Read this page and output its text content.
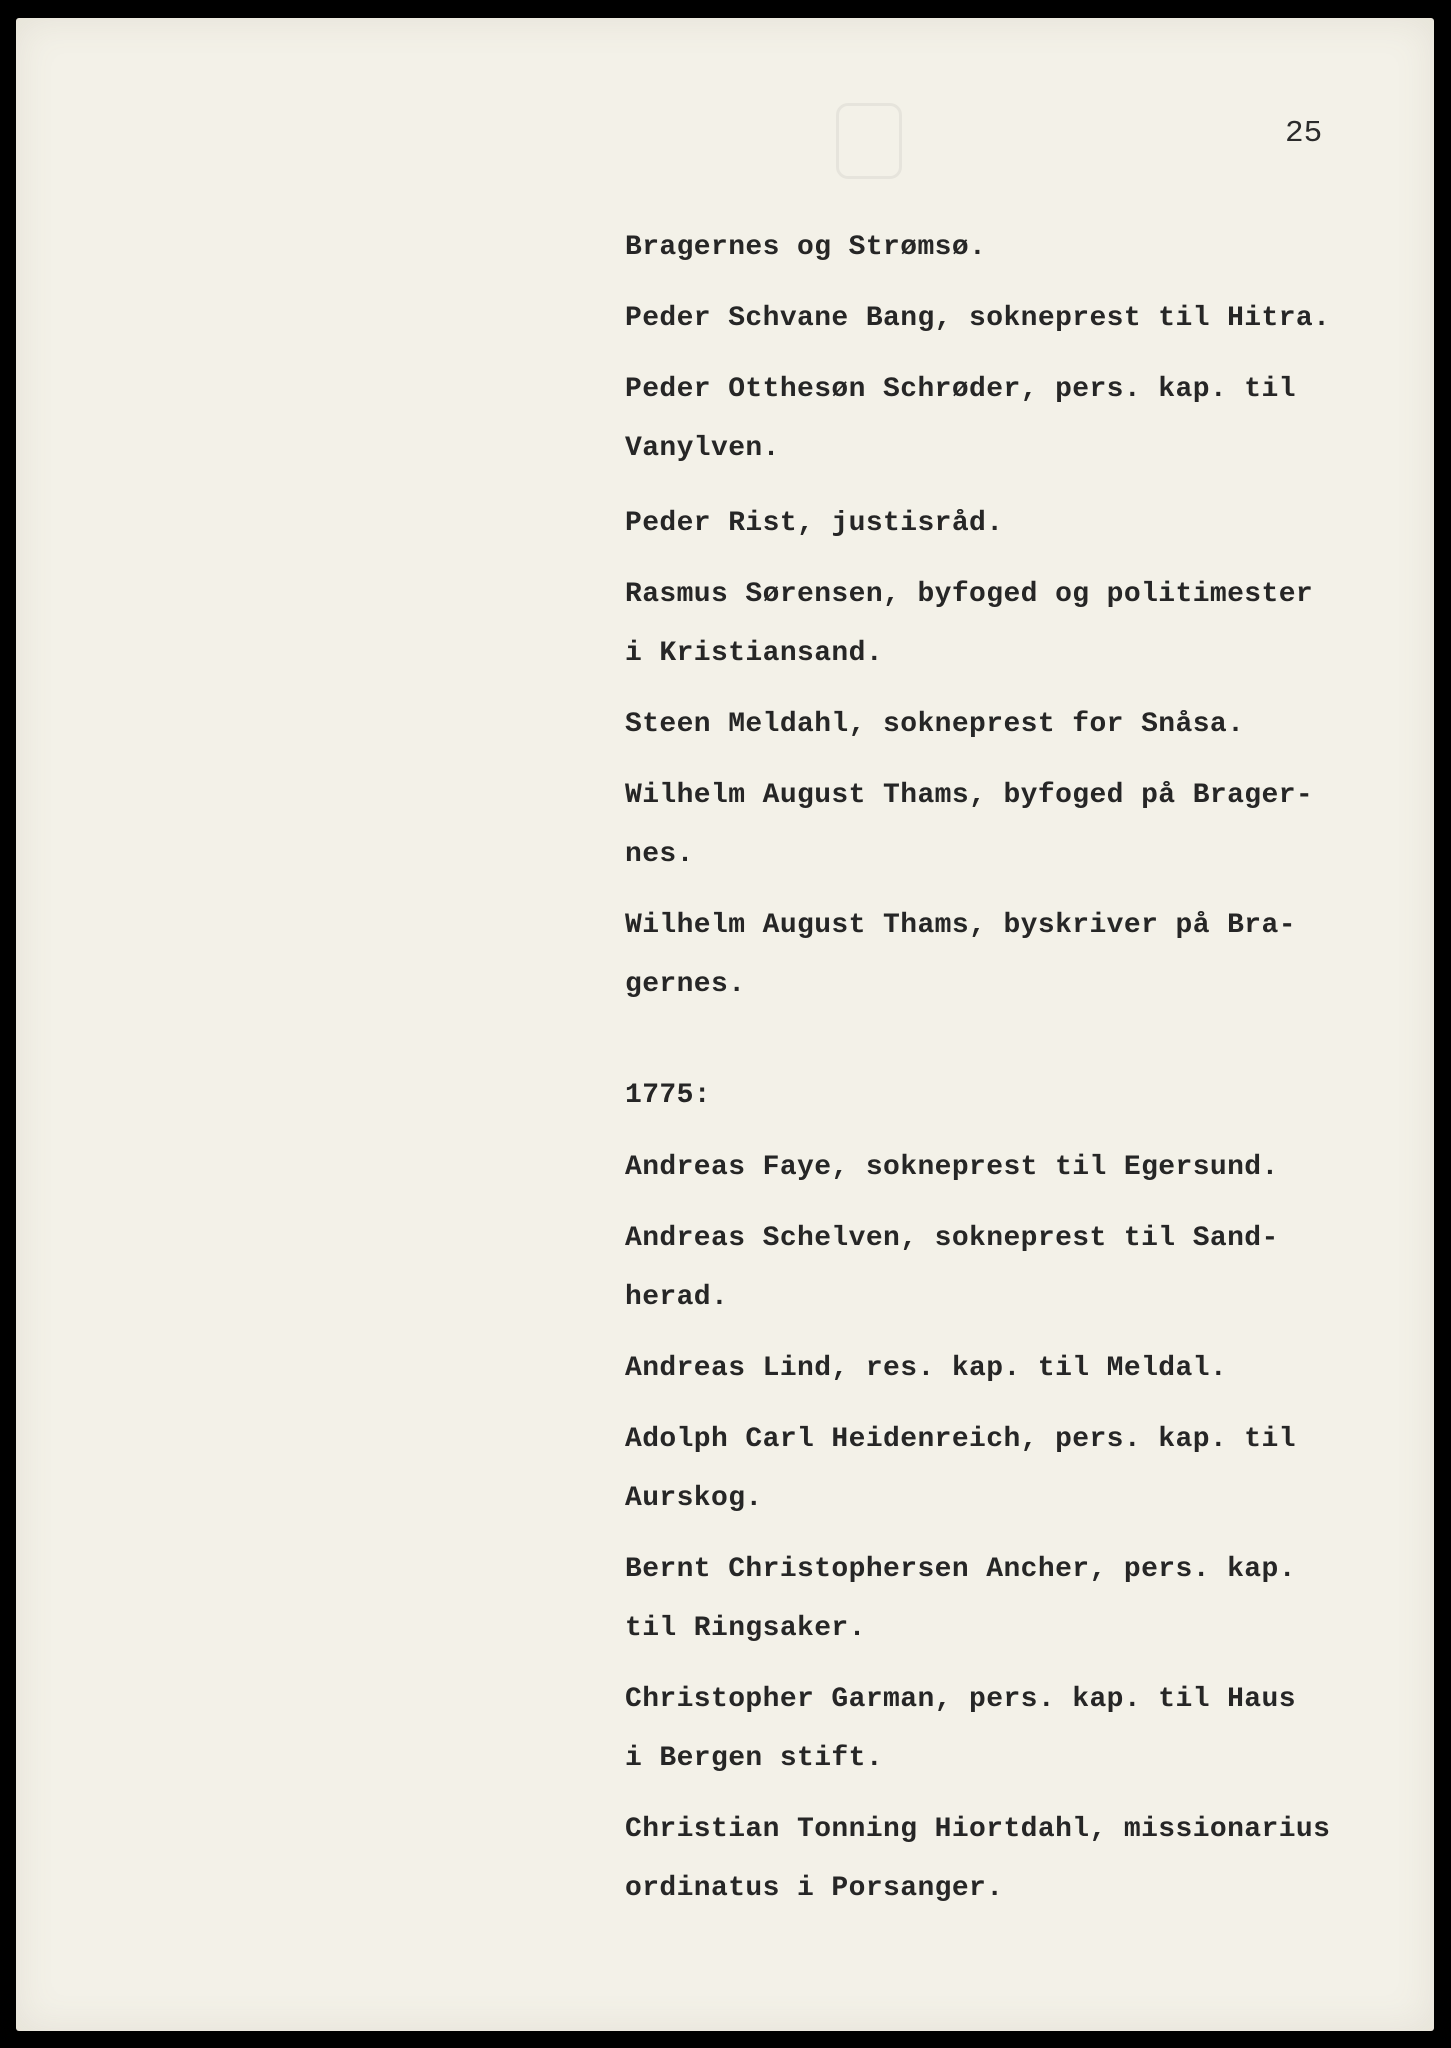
25
Bragernes og Strømsø.
Peder Schvane Bang, sokneprest til Hitra.
Peder Otthesøn Schrøder, pers. kap. til
Vanylven.
Peder Rist, justisråd.
Rasmus Sørensen, byfoged og politimester
i Kristiansand.
Steen Meldahl, sokneprest for Snåsa.
Wilhelm August Thams, byfoged på Brager-
nes.
Wilhelm August Thams, byskriver på Bra-
gernes.
1775:
Andreas Faye, sokneprest til Egersund.
Andreas Schelven, sokneprest til Sand-
herad.
Andreas Lind, res. kap. til Meldal.
Adolph Carl Heidenreich, pers. kap. til
Aurskog.
Bernt Christophersen Ancher, pers. kap.
til Ringsaker.
Christopher Garman, pers. kap. til Haus
i Bergen stift.
Christian Tonning Hiortdahl, missionarius
ordinatus i Porsanger.
